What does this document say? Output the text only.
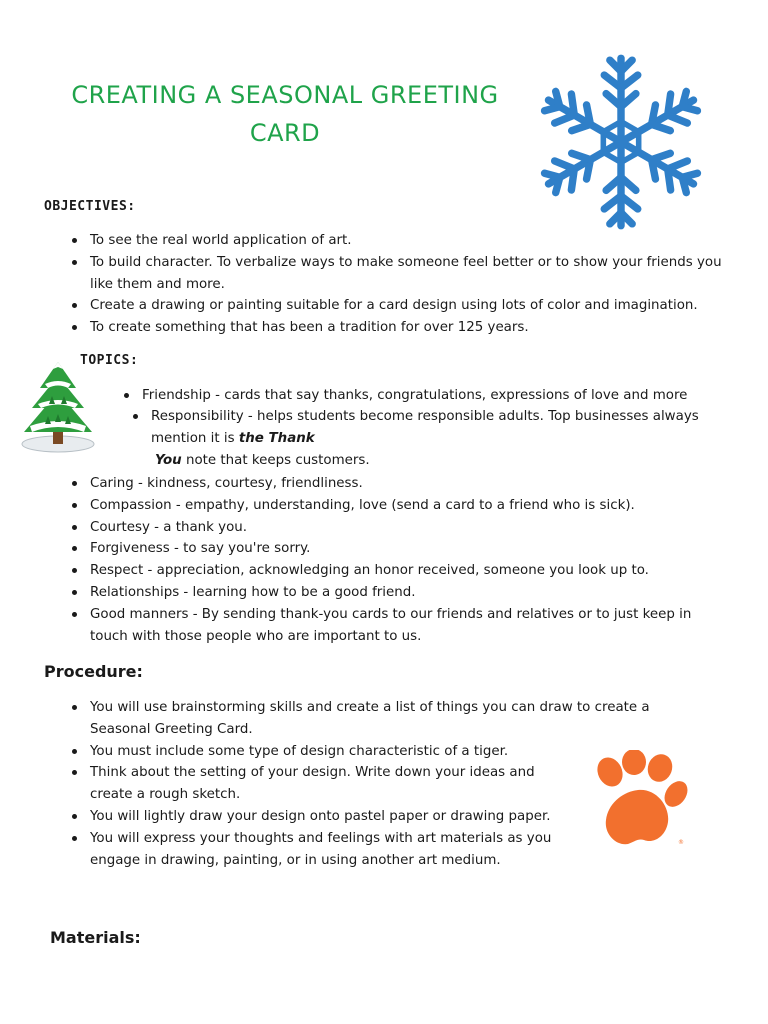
CREATING A SEASONAL GREETING
CARD
OBJECTIVES:
To see the real world application of art.
To build character. To verbalize ways to make someone feel better or to show your friends you like them and more.
Create a drawing or painting suitable for a card design using lots of color and imagination.
To create something that has been a tradition for over 125 years.
TOPICS:
Friendship - cards that say thanks, congratulations, expressions of love and more
Responsibility - helps students become responsible adults. Top businesses always
mention it is the Thank
You note that keeps customers.
Caring - kindness, courtesy, friendliness.
Compassion - empathy, understanding, love (send a card to a friend who is sick).
Courtesy - a thank you.
Forgiveness - to say you're sorry.
Respect - appreciation, acknowledging an honor received, someone you look up to.
Relationships - learning how to be a good friend.
Good manners - By sending thank-you cards to our friends and relatives or to just keep in touch with those people who are important to us.
Procedure:
You will use brainstorming skills and create a list of things you can draw to create a Seasonal Greeting Card.
You must include some type of design characteristic of a tiger.
Think about the setting of your design. Write down your ideas and create a rough sketch.
You will lightly draw your design onto pastel paper or drawing paper.
You will express your thoughts and feelings with art materials as you engage in drawing, painting, or in using another art medium.
®
Materials:
